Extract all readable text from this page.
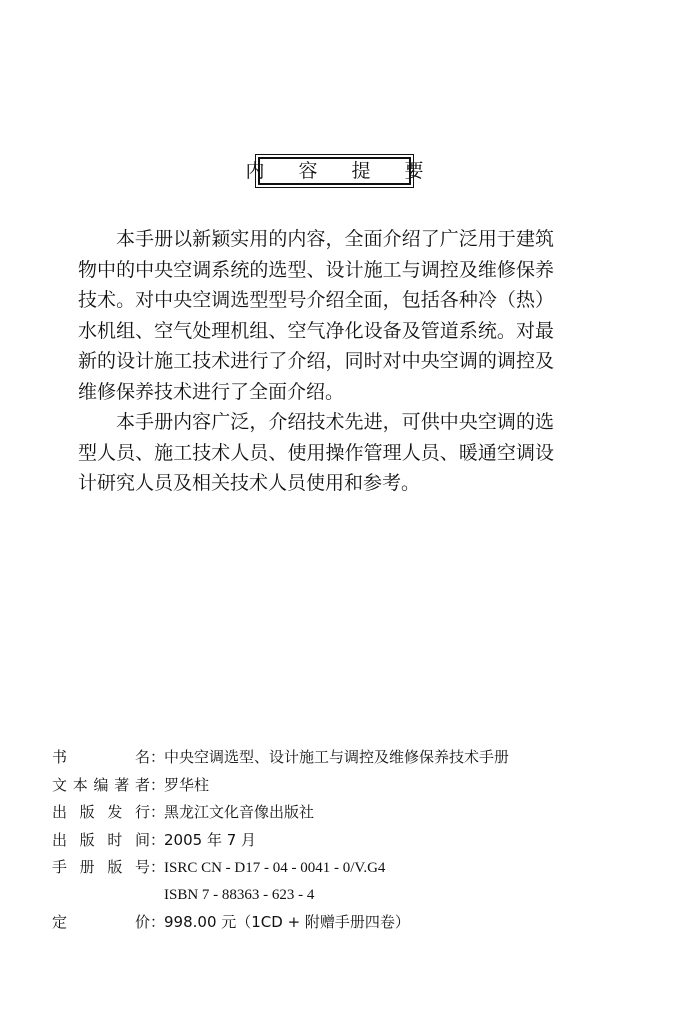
内 容 提 要

本手册以新颖实用的内容，全面介绍了广泛用于建筑物中的中央空调系统的选型、设计施工与调控及维修保养技术。对中央空调选型型号介绍全面，包括各种冷（热）水机组、空气处理机组、空气净化设备及管道系统。对最新的设计施工技术进行了介绍，同时对中央空调的调控及维修保养技术进行了全面介绍。

本手册内容广泛，介绍技术先进，可供中央空调的选型人员、施工技术人员、使用操作管理人员、暖通空调设计研究人员及相关技术人员使用和参考。

书	名 ：
中央空调选型、设计施工与调控及维修保养技术手册
文 本 编 著 者 ：
罗华柱
出 版 发 行 ：
黑龙江文化音像出版社
出 版 时 间 ：
2005 年 7 月
手 册 版 号 ：
ISRC CN - D17 - 04 - 0041 - 0/V.G4
ISBN 7 - 88363 - 623 - 4
定	价 ：
998.00 元（1CD + 附赠手册四卷）
